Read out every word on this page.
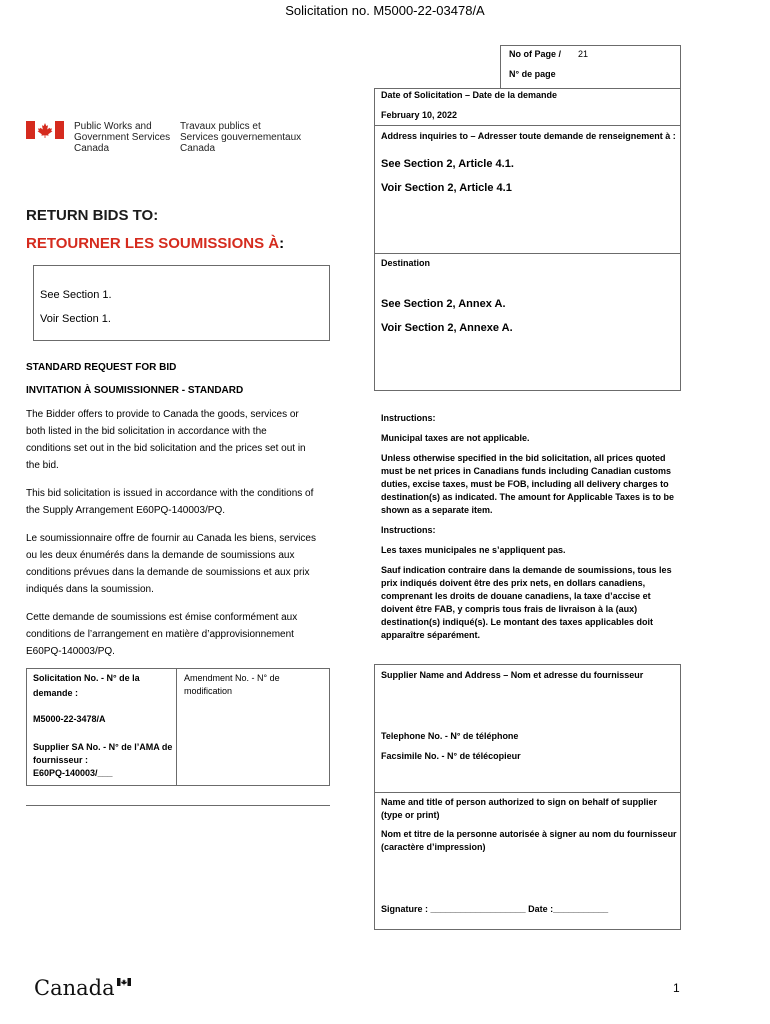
Solicitation no. M5000-22-03478/A
No of Page / 21
N° de page
Date of Solicitation – Date de la demande
February 10, 2022
Address inquiries to – Adresser toute demande de renseignement à :
See Section 2, Article 4.1.
Voir Section 2, Article 4.1
Destination
See Section 2, Annex A.
Voir Section 2, Annexe A.
Public Works and
Government Services
Canada
Travaux publics et
Services gouvernementaux
Canada
RETURN BIDS TO:
RETOURNER LES SOUMISSIONS À:
See Section 1.
Voir Section 1.
STANDARD REQUEST FOR BID
INVITATION À SOUMISSIONNER - STANDARD
The Bidder offers to provide to Canada the goods, services or
both listed in the bid solicitation in accordance with the
conditions set out in the bid solicitation and the prices set out in
the bid.
This bid solicitation is issued in accordance with the conditions of
the Supply Arrangement E60PQ-140003/PQ.
Le soumissionnaire offre de fournir au Canada les biens, services
ou les deux énumérés dans la demande de soumissions aux
conditions prévues dans la demande de soumissions et aux prix
indiqués dans la soumission.
Cette demande de soumissions est émise conformément aux
conditions de l’arrangement en matière d’approvisionnement
E60PQ-140003/PQ.
Instructions:
Municipal taxes are not applicable.
Unless otherwise specified in the bid solicitation, all prices quoted
must be net prices in Canadians funds including Canadian customs
duties, excise taxes, must be FOB, including all delivery charges to
destination(s) as indicated. The amount for Applicable Taxes is to be
shown as a separate item.
Instructions:
Les taxes municipales ne s’appliquent pas.
Sauf indication contraire dans la demande de soumissions, tous les
prix indiqués doivent être des prix nets, en dollars canadiens,
comprenant les droits de douane canadiens, la taxe d’accise et
doivent être FAB, y compris tous frais de livraison à la (aux)
destination(s) indiqué(s). Le montant des taxes applicables doit
apparaître séparément.
Solicitation No. - N° de la
demande :
M5000-22-3478/A
Supplier SA No. - N° de l’AMA de
fournisseur :
E60PQ-140003/___
Amendment No. - N° de
modification
Supplier Name and Address – Nom et adresse du fournisseur
Telephone No. - N° de téléphone
Facsimile No. - N° de télécopieur
Name and title of person authorized to sign on behalf of supplier
(type or print)
Nom et titre de la personne autorisée à signer au nom du fournisseur
(caractère d’impression)
Signature : ___________________ Date :___________
Canada	1
